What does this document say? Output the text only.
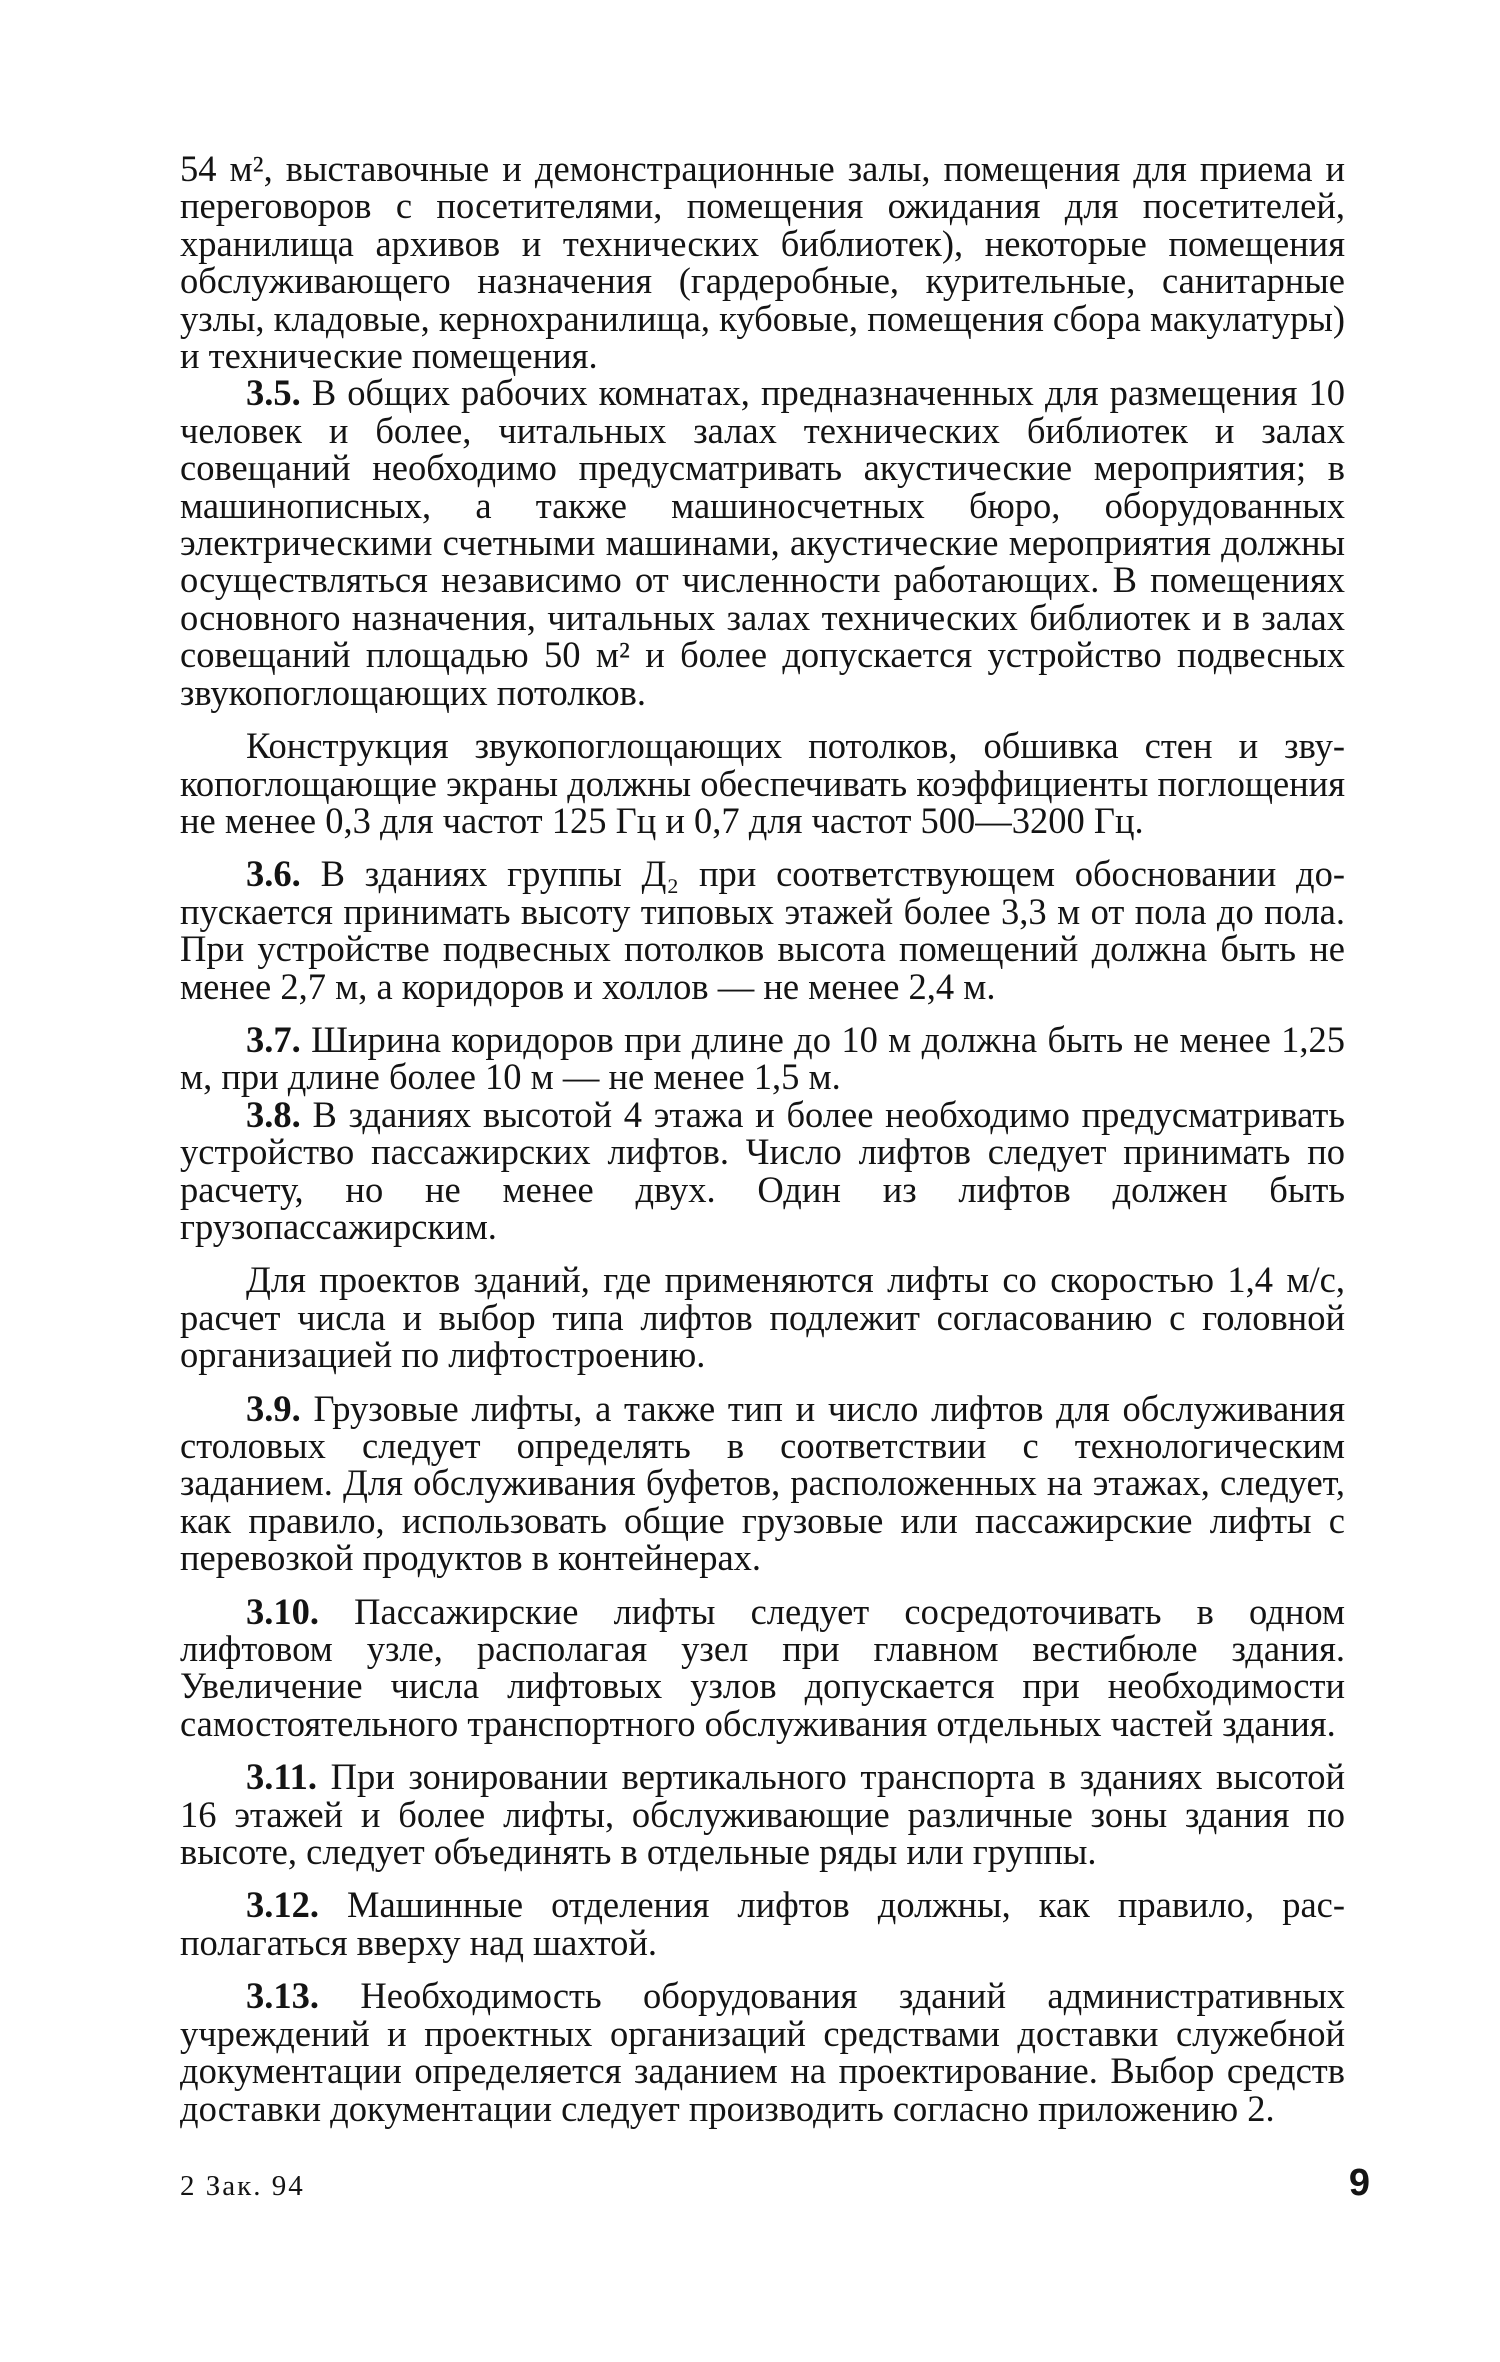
54 м², выставочные и демонстрационные залы, помещения для приема и переговоров с посетителями, помещения ожидания для посетителей, хранилища архивов и технических библиотек), некоторые помещения обслуживающего назначения (гардеробные, курительные, санитарные узлы, кладовые, кернохранилища, кубовые, помещения сбора макулатуры) и технические помещения.

3.5. В общих рабочих комнатах, предназначенных для размещения 10 человек и более, читальных залах технических библиотек и залах совещаний необходимо предусматривать акустические мероприятия; в машинописных, а также машиносчетных бюро, оборудованных электрическими счетными машинами, акустические мероприятия должны осуществляться независимо от численности работающих. В помещениях основного назначения, читальных залах технических библиотек и в залах совещаний площадью 50 м² и более допускается устройство подвесных звукопоглощающих потолков.

Конструкция звукопоглощающих потолков, обшивка стен и звукопоглощающие экраны должны обеспечивать коэффициенты поглощения не менее 0,3 для частот 125 Гц и 0,7 для частот 500—3200 Гц.

3.6. В зданиях группы Д₂ при соответствующем обосновании допускается принимать высоту типовых этажей более 3,3 м от пола до пола. При устройстве подвесных потолков высота помещений должна быть не менее 2,7 м, а коридоров и холлов — не менее 2,4 м.

3.7. Ширина коридоров при длине до 10 м должна быть не менее 1,25 м, при длине более 10 м — не менее 1,5 м.

3.8. В зданиях высотой 4 этажа и более необходимо предусматривать устройство пассажирских лифтов. Число лифтов следует принимать по расчету, но не менее двух. Один из лифтов должен быть грузопассажирским.

Для проектов зданий, где применяются лифты со скоростью 1,4 м/с, расчет числа и выбор типа лифтов подлежит согласованию с головной организацией по лифтостроению.

3.9. Грузовые лифты, а также тип и число лифтов для обслуживания столовых следует определять в соответствии с технологическим заданием. Для обслуживания буфетов, расположенных на этажах, следует, как правило, использовать общие грузовые или пассажирские лифты с перевозкой продуктов в контейнерах.

3.10. Пассажирские лифты следует сосредоточивать в одном лифтовом узле, располагая узел при главном вестибюле здания. Увеличение числа лифтовых узлов допускается при необходимости самостоятельного транспортного обслуживания отдельных частей здания.

3.11. При зонировании вертикального транспорта в зданиях высотой 16 этажей и более лифты, обслуживающие различные зоны здания по высоте, следует объединять в отдельные ряды или группы.

3.12. Машинные отделения лифтов должны, как правило, располагаться вверху над шахтой.

3.13. Необходимость оборудования зданий административных учреждений и проектных организаций средствами доставки служебной документации определяется заданием на проектирование. Выбор средств доставки документации следует производить согласно приложению 2.

2 Зак. 94	9
